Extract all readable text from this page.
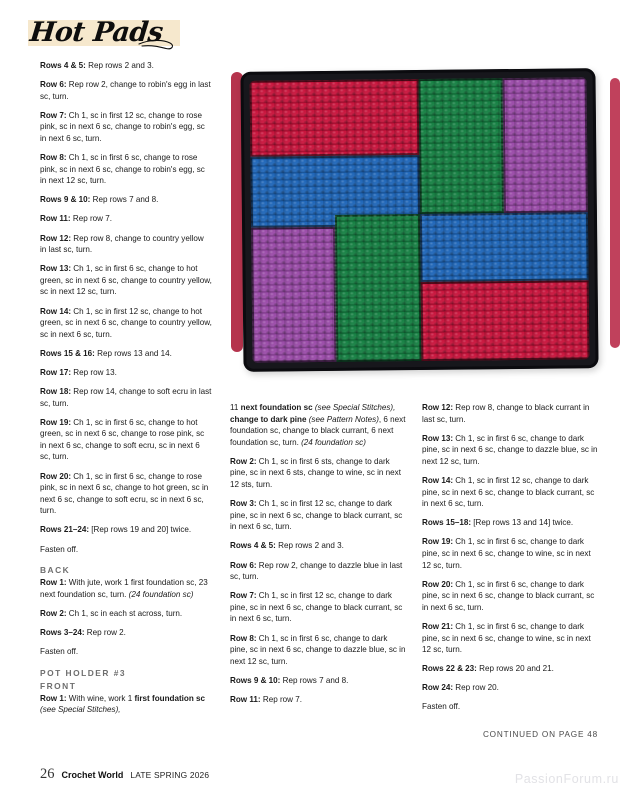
Hot Pads

Rows 4 & 5: Rep rows 2 and 3.

Row 6: Rep row 2, change to robin's egg in last sc, turn.

Row 7: Ch 1, sc in first 12 sc, change to rose pink, sc in next 6 sc, change to robin's egg, sc in next 6 sc, turn.

Row 8: Ch 1, sc in first 6 sc, change to rose pink, sc in next 6 sc, change to robin's egg, sc in next 12 sc, turn.

Rows 9 & 10: Rep rows 7 and 8.

Row 11: Rep row 7.

Row 12: Rep row 8, change to country yellow in last sc, turn.

Row 13: Ch 1, sc in first 6 sc, change to hot green, sc in next 6 sc, change to country yellow, sc in next 12 sc, turn.

Row 14: Ch 1, sc in first 12 sc, change to hot green, sc in next 6 sc, change to country yellow, sc in next 6 sc, turn.

Rows 15 & 16: Rep rows 13 and 14.

Row 17: Rep row 13.

Row 18: Rep row 14, change to soft ecru in last sc, turn.

Row 19: Ch 1, sc in first 6 sc, change to hot green, sc in next 6 sc, change to rose pink, sc in next 6 sc, change to soft ecru, sc in next 6 sc, turn.

Row 20: Ch 1, sc in first 6 sc, change to rose pink, sc in next 6 sc, change to hot green, sc in next 6 sc, change to soft ecru, sc in next 6 sc, turn.

Rows 21–24: [Rep rows 19 and 20] twice.

Fasten off.

BACK

Row 1: With jute, work 1 first foundation sc, 23 next foundation sc, turn. (24 foundation sc)

Row 2: Ch 1, sc in each st across, turn.

Rows 3–24: Rep row 2.

Fasten off.

POT HOLDER #3
FRONT

Row 1: With wine, work 1 first foundation sc (see Special Stitches),

11 next foundation sc (see Special Stitches), change to dark pine (see Pattern Notes), 6 next foundation sc, change to black currant, 6 next foundation sc, turn. (24 foundation sc)

Row 2: Ch 1, sc in first 6 sts, change to dark pine, sc in next 6 sts, change to wine, sc in next 12 sts, turn.

Row 3: Ch 1, sc in first 12 sc, change to dark pine, sc in next 6 sc, change to black currant, sc in next 6 sc, turn.

Rows 4 & 5: Rep rows 2 and 3.

Row 6: Rep row 2, change to dazzle blue in last sc, turn.

Row 7: Ch 1, sc in first 12 sc, change to dark pine, sc in next 6 sc, change to black currant, sc in next 6 sc, turn.

Row 8: Ch 1, sc in first 6 sc, change to dark pine, sc in next 6 sc, change to dazzle blue, sc in next 12 sc, turn.

Rows 9 & 10: Rep rows 7 and 8.

Row 11: Rep row 7.

Row 12: Rep row 8, change to black currant in last sc, turn.

Row 13: Ch 1, sc in first 6 sc, change to dark pine, sc in next 6 sc, change to dazzle blue, sc in next 12 sc, turn.

Row 14: Ch 1, sc in first 12 sc, change to dark pine, sc in next 6 sc, change to black currant, sc in next 6 sc, turn.

Rows 15–18: [Rep rows 13 and 14] twice.

Row 19: Ch 1, sc in first 6 sc, change to dark pine, sc in next 6 sc, change to wine, sc in next 12 sc, turn.

Row 20: Ch 1, sc in first 6 sc, change to dark pine, sc in next 6 sc, change to black currant, sc in next 6 sc, turn.

Row 21: Ch 1, sc in first 6 sc, change to dark pine, sc in next 6 sc, change to wine, sc in next 12 sc, turn.

Rows 22 & 23: Rep rows 20 and 21.

Row 24: Rep row 20.

Fasten off.

CONTINUED ON PAGE 48
26 Crochet World LATE SPRING 2026	PassionForum.ru
